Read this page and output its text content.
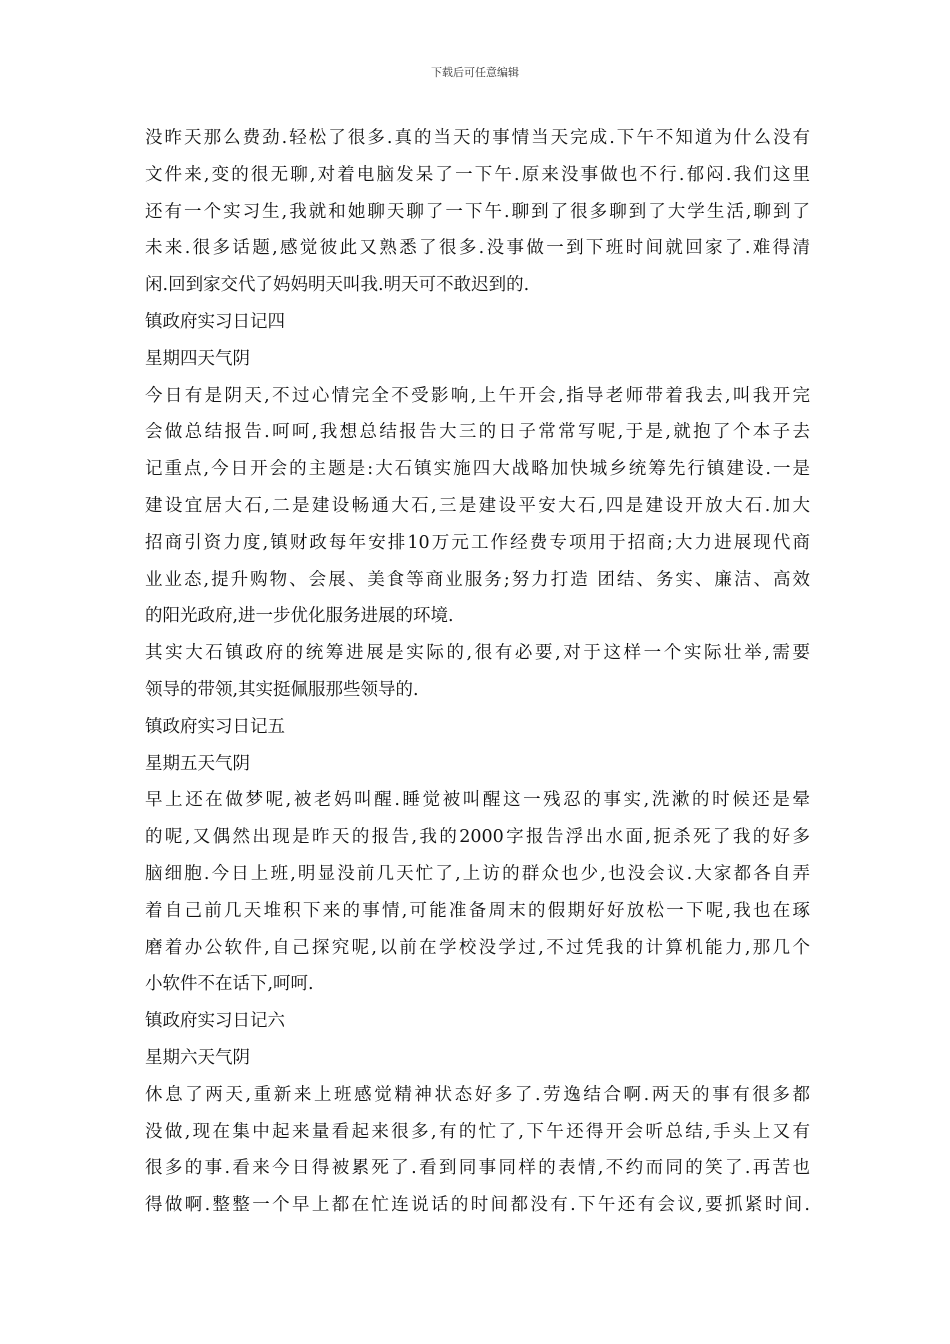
下载后可任意编辑
没昨天那么费劲.轻松了很多.真的当天的事情当天完成.下午不知道为什么没有
文件来,变的很无聊,对着电脑发呆了一下午.原来没事做也不行.郁闷.我们这里
还有一个实习生,我就和她聊天聊了一下午.聊到了很多聊到了大学生活,聊到了
未来.很多话题,感觉彼此又熟悉了很多.没事做一到下班时间就回家了.难得清
闲.回到家交代了妈妈明天叫我.明天可不敢迟到的.
镇政府实习日记四
星期四天气阴
今日有是阴天,不过心情完全不受影响,上午开会,指导老师带着我去,叫我开完
会做总结报告.呵呵,我想总结报告大三的日子常常写呢,于是,就抱了个本子去
记重点,今日开会的主题是:大石镇实施四大战略加快城乡统筹先行镇建设.一是
建设宜居大石,二是建设畅通大石,三是建设平安大石,四是建设开放大石.加大
招商引资力度,镇财政每年安排10万元工作经费专项用于招商;大力进展现代商
业业态,提升购物、会展、美食等商业服务;努力打造 团结、务实、廉洁、高效
的阳光政府,进一步优化服务进展的环境.
其实大石镇政府的统筹进展是实际的,很有必要,对于这样一个实际壮举,需要
领导的带领,其实挺佩服那些领导的.
镇政府实习日记五
星期五天气阴
早上还在做梦呢,被老妈叫醒.睡觉被叫醒这一残忍的事实,洗漱的时候还是晕
的呢,又偶然出现是昨天的报告,我的2000字报告浮出水面,扼杀死了我的好多
脑细胞.今日上班,明显没前几天忙了,上访的群众也少,也没会议.大家都各自弄
着自己前几天堆积下来的事情,可能准备周末的假期好好放松一下呢,我也在琢
磨着办公软件,自己探究呢,以前在学校没学过,不过凭我的计算机能力,那几个
小软件不在话下,呵呵.
镇政府实习日记六
星期六天气阴
休息了两天,重新来上班感觉精神状态好多了.劳逸结合啊.两天的事有很多都
没做,现在集中起来量看起来很多,有的忙了,下午还得开会听总结,手头上又有
很多的事.看来今日得被累死了.看到同事同样的表情,不约而同的笑了.再苦也
得做啊.整整一个早上都在忙连说话的时间都没有.下午还有会议,要抓紧时间.
